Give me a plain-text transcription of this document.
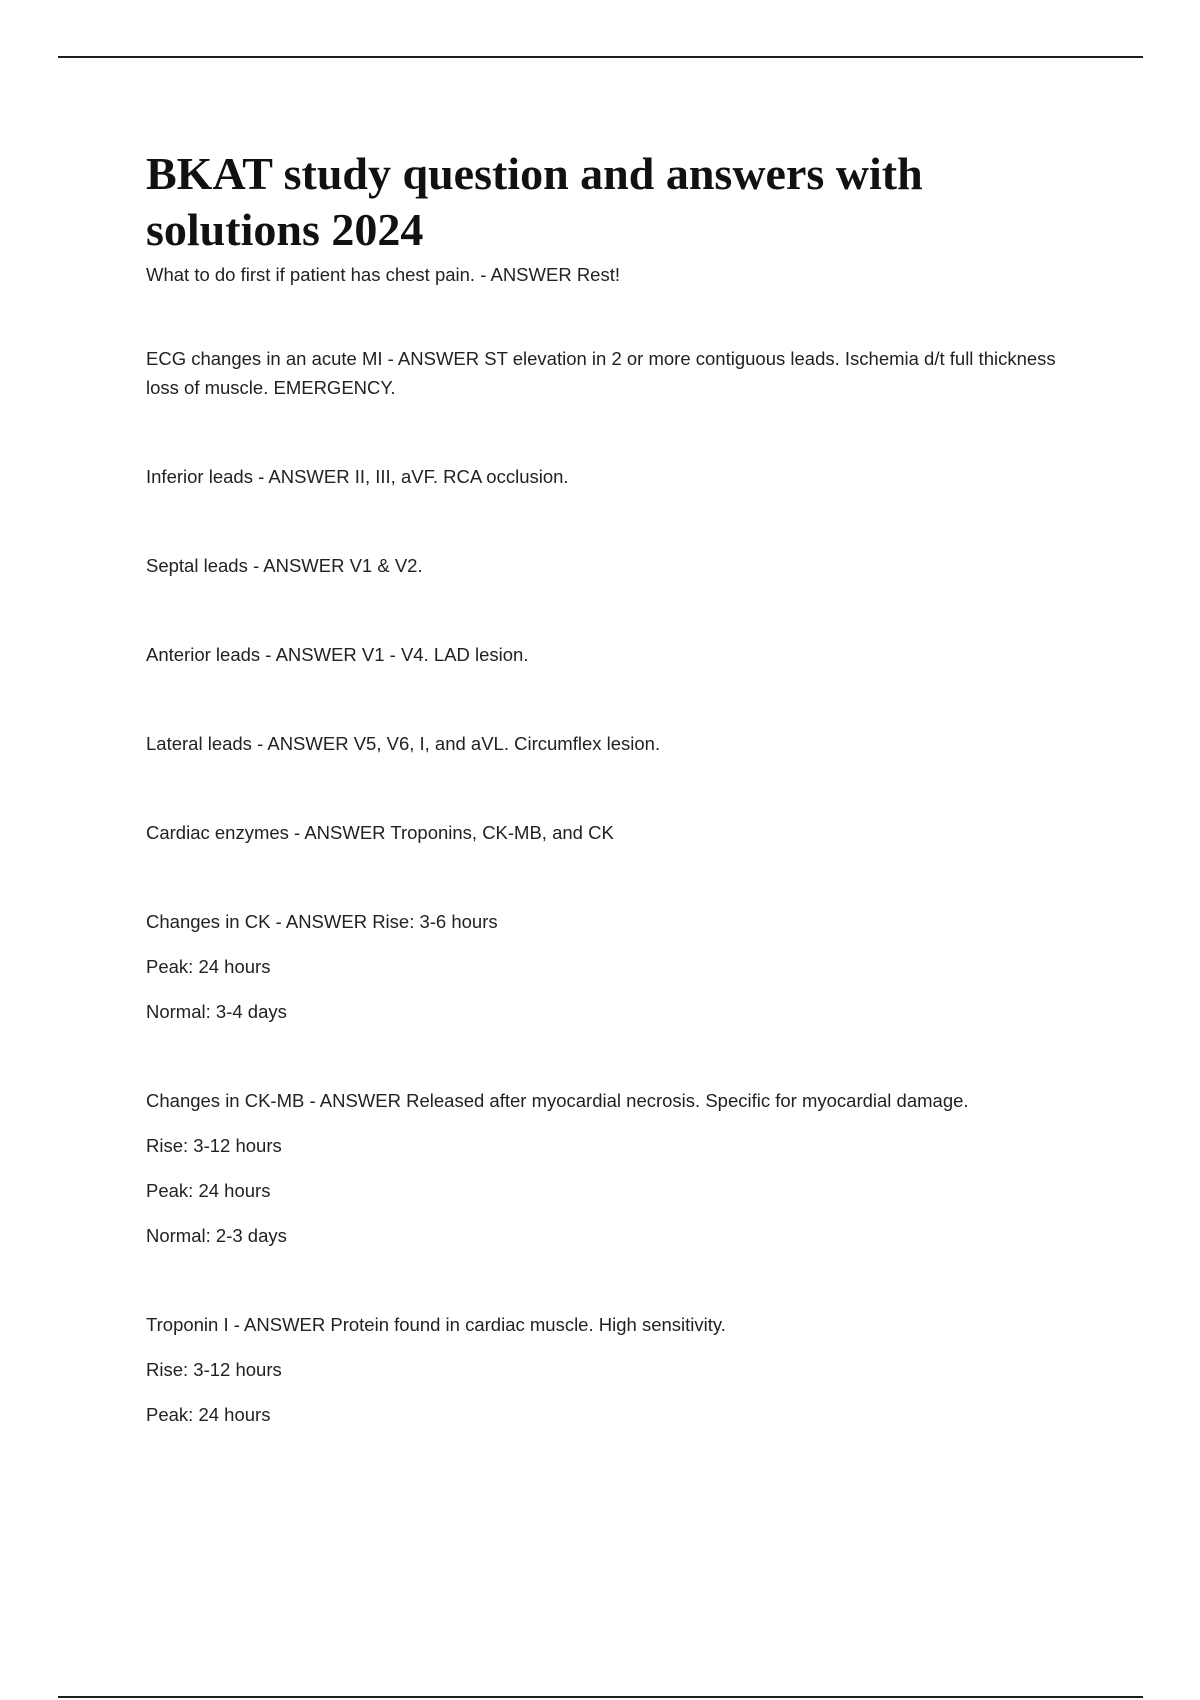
BKAT study question and answers with solutions 2024

What to do first if patient has chest pain. - ANSWER Rest!

ECG changes in an acute MI - ANSWER ST elevation in 2 or more contiguous leads. Ischemia d/t full thickness loss of muscle. EMERGENCY.

Inferior leads - ANSWER II, III, aVF. RCA occlusion.

Septal leads - ANSWER V1 & V2.

Anterior leads - ANSWER V1 - V4. LAD lesion.

Lateral leads - ANSWER V5, V6, I, and aVL. Circumflex lesion.

Cardiac enzymes - ANSWER Troponins, CK-MB, and CK

Changes in CK - ANSWER Rise: 3-6 hours

Peak: 24 hours

Normal: 3-4 days

Changes in CK-MB - ANSWER Released after myocardial necrosis. Specific for myocardial damage.

Rise: 3-12 hours

Peak: 24 hours

Normal: 2-3 days

Troponin I - ANSWER Protein found in cardiac muscle. High sensitivity.

Rise: 3-12 hours

Peak: 24 hours
